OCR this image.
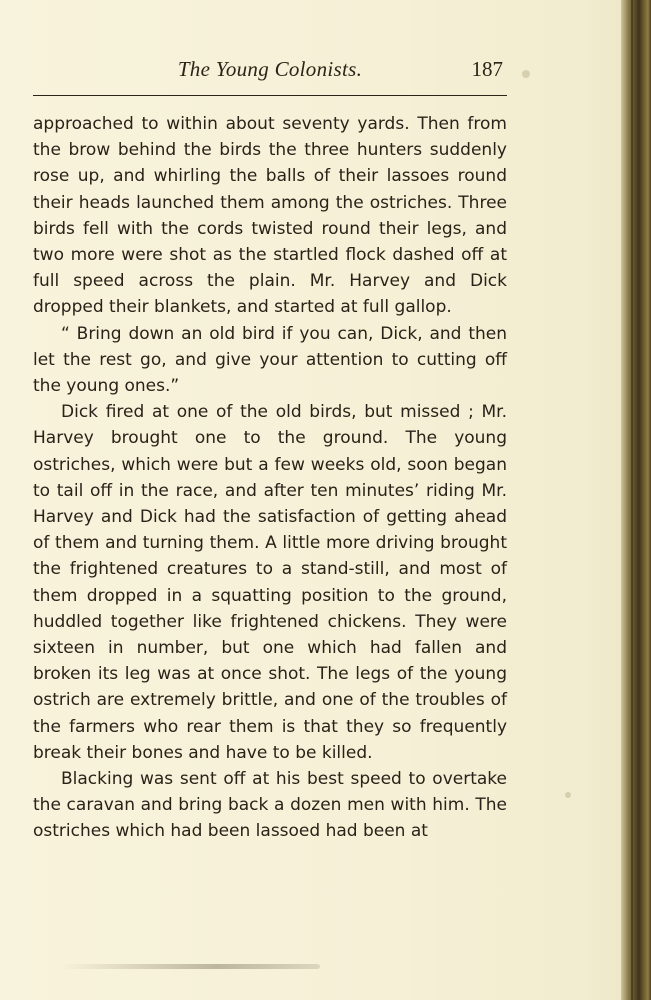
The Young Colonists.	187

approached to within about seventy yards. Then from the brow behind the birds the three hunters suddenly rose up, and whirling the balls of their lassoes round their heads launched them among the ostriches. Three birds fell with the cords twisted round their legs, and two more were shot as the startled flock dashed off at full speed across the plain. Mr. Harvey and Dick dropped their blankets, and started at full gallop.

“ Bring down an old bird if you can, Dick, and then let the rest go, and give your attention to cutting off the young ones.”

Dick fired at one of the old birds, but missed ; Mr. Harvey brought one to the ground. The young ostriches, which were but a few weeks old, soon began to tail off in the race, and after ten minutes’ riding Mr. Harvey and Dick had the satisfaction of getting ahead of them and turning them. A little more driving brought the frightened creatures to a stand-still, and most of them dropped in a squatting position to the ground, huddled together like frightened chickens. They were sixteen in number, but one which had fallen and broken its leg was at once shot. The legs of the young ostrich are extremely brittle, and one of the troubles of the farmers who rear them is that they so frequently break their bones and have to be killed.

Blacking was sent off at his best speed to overtake the caravan and bring back a dozen men with him. The ostriches which had been lassoed had been at
